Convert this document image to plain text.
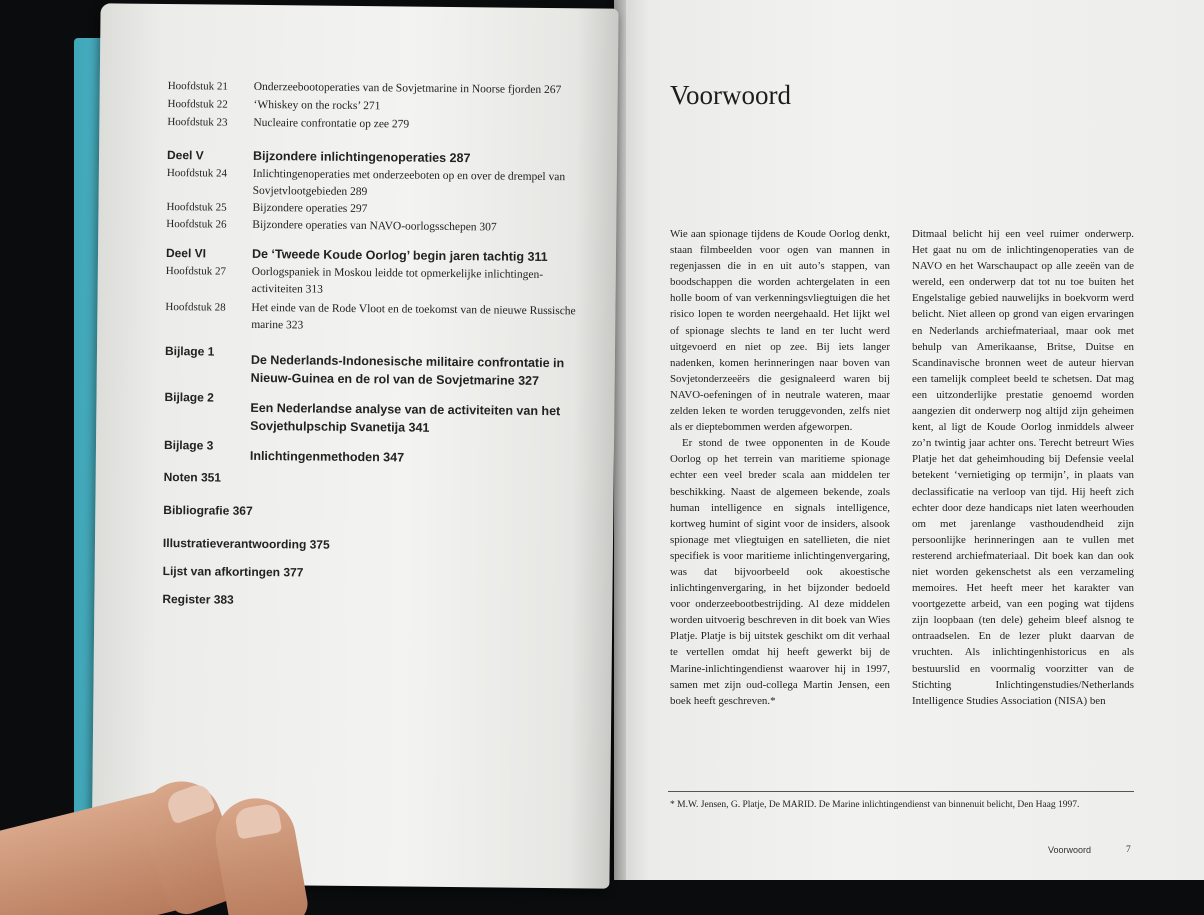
Voorwoord

Wie aan spionage tijdens de Koude Oorlog denkt, staan filmbeelden voor ogen van mannen in regenjassen die in en uit auto’s stappen, van boodschappen die worden achtergelaten in een holle boom of van verkenningsvliegtuigen die het risico lopen te worden neergehaald. Het lijkt wel of spionage slechts te land en ter lucht werd uitgevoerd en niet op zee. Bij iets langer nadenken, komen herinneringen naar boven van Sovjetonderzeeërs die gesignaleerd waren bij NAVO-oefeningen of in neutrale wateren, maar zelden leken te worden teruggevonden, zelfs niet als er dieptebommen werden afgeworpen.

Er stond de twee opponenten in de Koude Oorlog op het terrein van maritieme spionage echter een veel breder scala aan middelen ter beschikking. Naast de algemeen bekende, zoals human intelligence en signals intelligence, kortweg humint of sigint voor de insiders, alsook spionage met vliegtuigen en satellieten, die niet specifiek is voor maritieme inlichtingenvergaring, was dat bijvoorbeeld ook akoestische inlichtingenvergaring, in het bijzonder bedoeld voor onderzeebootbestrijding. Al deze middelen worden uitvoerig beschreven in dit boek van Wies Platje. Platje is bij uitstek geschikt om dit verhaal te vertellen omdat hij heeft gewerkt bij de Marine-inlichtingendienst waarover hij in 1997, samen met zijn oud-collega Martin Jensen, een boek heeft geschreven.*

Ditmaal belicht hij een veel ruimer onderwerp. Het gaat nu om de inlichtingenoperaties van de NAVO en het Warschaupact op alle zeeën van de wereld, een onderwerp dat tot nu toe buiten het Engelstalige gebied nauwelijks in boekvorm werd belicht. Niet alleen op grond van eigen ervaringen en Nederlands archiefmateriaal, maar ook met behulp van Amerikaanse, Britse, Duitse en Scandinavische bronnen weet de auteur hiervan een tamelijk compleet beeld te schetsen. Dat mag een uitzonderlijke prestatie genoemd worden aangezien dit onderwerp nog altijd zijn geheimen kent, al ligt de Koude Oorlog inmiddels alweer zo’n twintig jaar achter ons. Terecht betreurt Wies Platje het dat geheimhouding bij Defensie veelal betekent ‘vernietiging op termijn’, in plaats van declassificatie na verloop van tijd. Hij heeft zich echter door deze handicaps niet laten weerhouden om met jarenlange vasthoudendheid zijn persoonlijke herinneringen aan te vullen met resterend archiefmateriaal. Dit boek kan dan ook niet worden gekenschetst als een verzameling memoires. Het heeft meer het karakter van voortgezette arbeid, van een poging wat tijdens zijn loopbaan (ten dele) geheim bleef alsnog te ontraadselen. En de lezer plukt daarvan de vruchten. Als inlichtingenhistoricus en als bestuurslid en voormalig voorzitter van de Stichting Inlichtingenstudies/Netherlands Intelligence Studies Association (NISA) ben

* M.W. Jensen, G. Platje, De MARID. De Marine inlichtingendienst van binnenuit belicht, Den Haag 1997.
Voorwoord	7
Hoofdstuk 21 Onderzeebootoperaties van de Sovjetmarine in Noorse fjorden 267
Hoofdstuk 22 ‘Whiskey on the rocks’ 271
Hoofdstuk 23 Nucleaire confrontatie op zee 279
Deel V	Bijzondere inlichtingenoperaties 287
Hoofdstuk 24 Inlichtingenoperaties met onderzeeboten op en over de drempel van
Sovjetvlootgebieden 289
Hoofdstuk 25 Bijzondere operaties 297
Hoofdstuk 26 Bijzondere operaties van NAVO-oorlogsschepen 307
Deel VI	De ‘Tweede Koude Oorlog’ begin jaren tachtig 311
Hoofdstuk 27 Oorlogspaniek in Moskou leidde tot opmerkelijke inlichtingen-
activiteiten 313
Hoofdstuk 28 Het einde van de Rode Vloot en de toekomst van de nieuwe Russische
marine 323
Bijlage 1
De Nederlands-Indonesische militaire confrontatie in
Nieuw-Guinea en de rol van de Sovjetmarine 327
Bijlage 2
Een Nederlandse analyse van de activiteiten van het
Sovjethulpschip Svanetija 341
Bijlage 3
Inlichtingenmethoden 347
Noten 351
Bibliografie 367
Illustratieverantwoording 375
Lijst van afkortingen 377
Register 383
